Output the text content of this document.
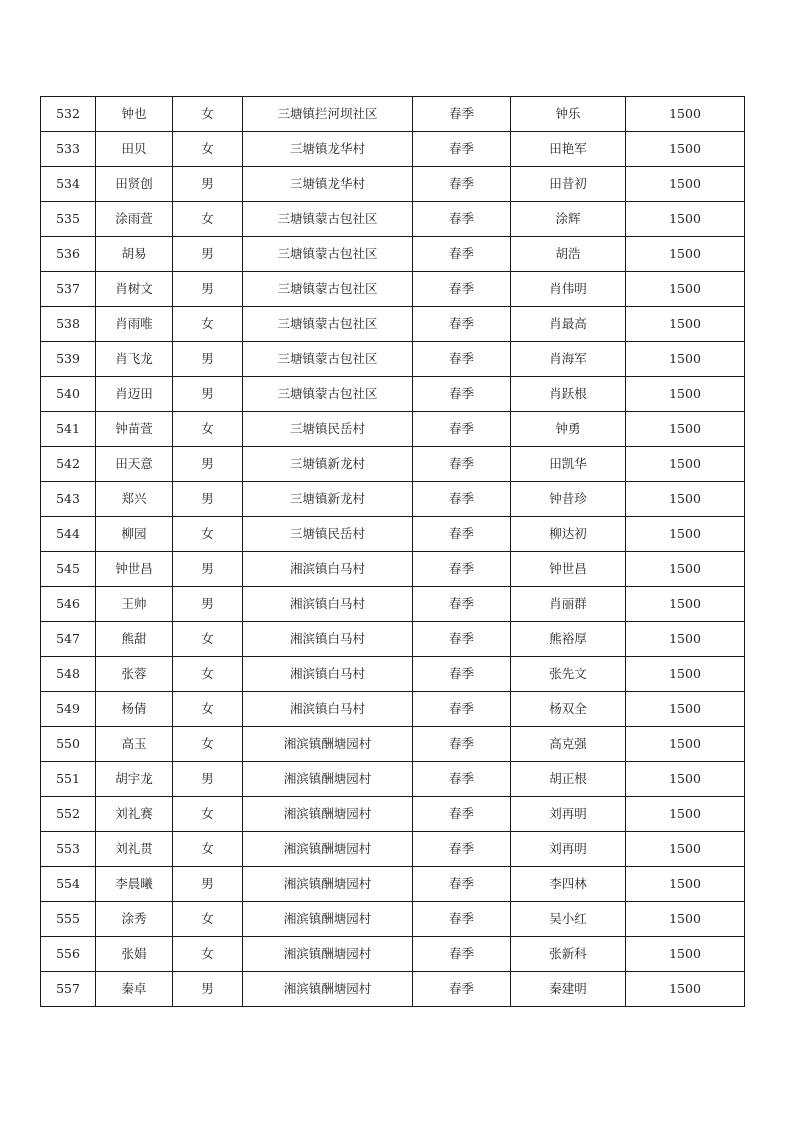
532	钟也	女	三塘镇拦河坝社区	春季	钟乐	1500
533	田贝	女	三塘镇龙华村	春季	田艳军	1500
534	田贤创	男	三塘镇龙华村	春季	田昔初	1500
535	涂雨萱	女	三塘镇蒙古包社区	春季	涂辉	1500
536	胡易	男	三塘镇蒙古包社区	春季	胡浩	1500
537	肖树文	男	三塘镇蒙古包社区	春季	肖伟明	1500
538	肖雨唯	女	三塘镇蒙古包社区	春季	肖最高	1500
539	肖飞龙	男	三塘镇蒙古包社区	春季	肖海军	1500
540	肖迈田	男	三塘镇蒙古包社区	春季	肖跃根	1500
541	钟苗萱	女	三塘镇民岳村	春季	钟勇	1500
542	田天意	男	三塘镇新龙村	春季	田凯华	1500
543	郑兴	男	三塘镇新龙村	春季	钟昔珍	1500
544	柳园	女	三塘镇民岳村	春季	柳达初	1500
545	钟世昌	男	湘滨镇白马村	春季	钟世昌	1500
546	王帅	男	湘滨镇白马村	春季	肖丽群	1500
547	熊甜	女	湘滨镇白马村	春季	熊裕厚	1500
548	张蓉	女	湘滨镇白马村	春季	张先文	1500
549	杨倩	女	湘滨镇白马村	春季	杨双全	1500
550	高玉	女	湘滨镇酬塘园村	春季	高克强	1500
551	胡宇龙	男	湘滨镇酬塘园村	春季	胡正根	1500
552	刘礼赛	女	湘滨镇酬塘园村	春季	刘再明	1500
553	刘礼贯	女	湘滨镇酬塘园村	春季	刘再明	1500
554	李晨曦	男	湘滨镇酬塘园村	春季	李四林	1500
555	涂秀	女	湘滨镇酬塘园村	春季	吴小红	1500
556	张娟	女	湘滨镇酬塘园村	春季	张新科	1500
557	秦卓	男	湘滨镇酬塘园村	春季	秦建明	1500
